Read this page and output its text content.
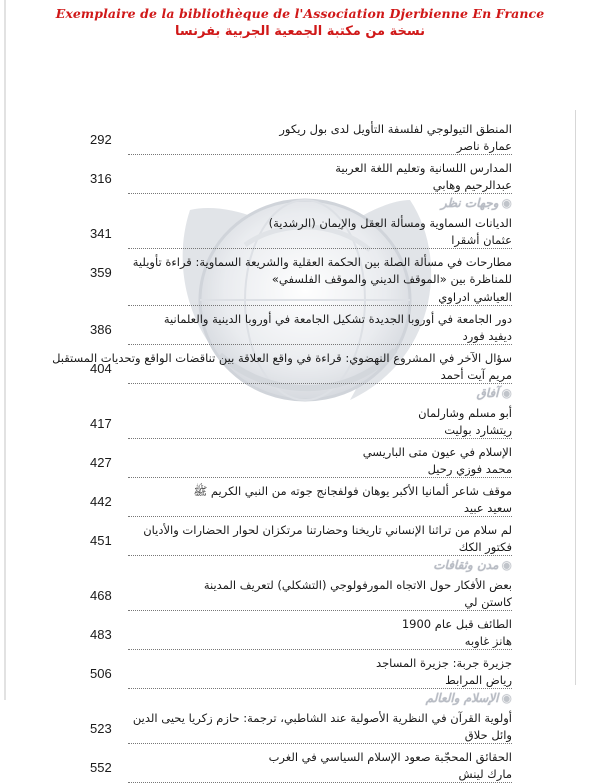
Exemplaire de la bibliothèque de l'Association Djerbienne En France
نسخة من مكتبة الجمعية الجربية بفرنسا
المنطق التيولوجي لفلسفة التأويل لدى بول ريكور
عمارة ناصر
292
المدارس اللسانية وتعليم اللغة العربية
عبدالرحيم وهابي
316
◉وجهات نظر
الديانات السماوية ومسألة العقل والإيمان (الرشدية)
عثمان أشقرا
341
مطارحات في مسألة الصلة بين الحكمة العقلية والشريعة السماوية: قراءة تأويلية
للمناظرة بين «الموقف الديني والموقف الفلسفي»
العياشي ادراوي
359
دور الجامعة في أوروبا الجديدة تشكيل الجامعة في أوروبا الدينية والعلمانية
ديفيد فورد
386
سؤال الآخر في المشروع النهضوي: قراءة في واقع العلاقة بين تناقضات الواقع وتحديات المستقبل
مريم آيت أحمد
404
◉آفاق
أبو مسلم وشارلمان
ريتشارد بوليت
417
الإسلام في عيون متى الباريسي
محمد فوزي رحيل
427
موقف شاعر ألمانيا الأكبر يوهان فولفجانج جوته من النبي الكريم ﷺ
سعيد عبيد
442
لم سلام من تراثنا الإنساني تاريخنا وحضارتنا مرتكزان لحوار الحضارات والأديان
فكتور الكك
451
◉مدن وثقافات
بعض الأفكار حول الاتجاه المورفولوجي (التشكلي) لتعريف المدينة
كاستن لي
468
الطائف قبل عام 1900
هانز غاوبه
483
جزيرة جربة: جزيرة المساجد
رياض المرابط
506
◉الإسلام والعالم
أولوية القرآن في النظرية الأصولية عند الشاطبي، ترجمة: حازم زكريا يحيى الدين
وائل حلاق
523
الحقائق المحجّبة صعود الإسلام السياسي في الغرب
مارك لينش
552
